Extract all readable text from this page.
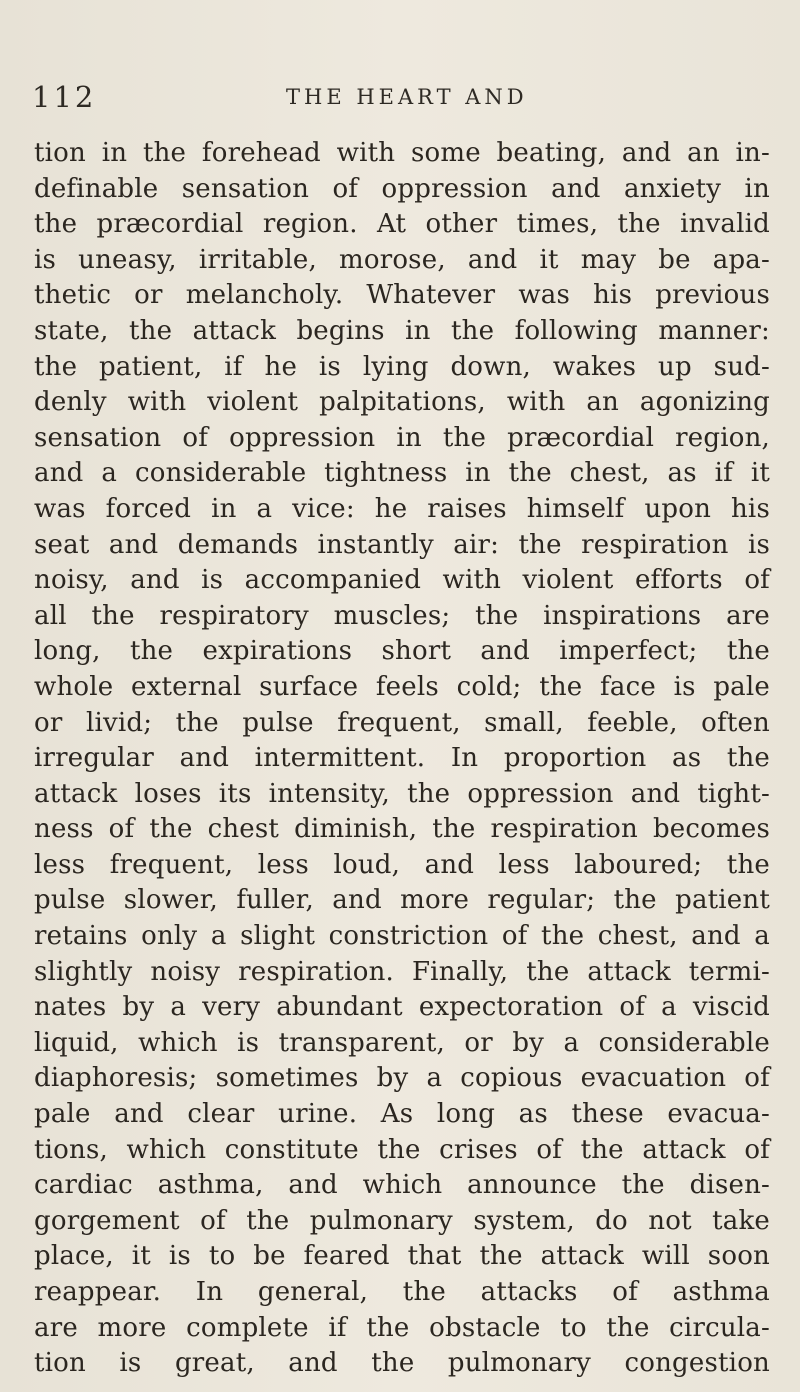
112	THE HEART AND
tion in the forehead with some beating, and an in-
definable sensation of oppression and anxiety in
the præcordial region. At other times, the invalid
is uneasy, irritable, morose, and it may be apa-
thetic or melancholy. Whatever was his previous
state, the attack begins in the following manner:
the patient, if he is lying down, wakes up sud-
denly with violent palpitations, with an agonizing
sensation of oppression in the præcordial region,
and a considerable tightness in the chest, as if it
was forced in a vice: he raises himself upon his
seat and demands instantly air: the respiration is
noisy, and is accompanied with violent efforts of
all the respiratory muscles; the inspirations are
long, the expirations short and imperfect; the
whole external surface feels cold; the face is pale
or livid; the pulse frequent, small, feeble, often
irregular and intermittent. In proportion as the
attack loses its intensity, the oppression and tight-
ness of the chest diminish, the respiration becomes
less frequent, less loud, and less laboured; the
pulse slower, fuller, and more regular; the patient
retains only a slight constriction of the chest, and a
slightly noisy respiration. Finally, the attack termi-
nates by a very abundant expectoration of a viscid
liquid, which is transparent, or by a considerable
diaphoresis; sometimes by a copious evacuation of
pale and clear urine. As long as these evacua-
tions, which constitute the crises of the attack of
cardiac asthma, and which announce the disen-
gorgement of the pulmonary system, do not take
place, it is to be feared that the attack will soon
reappear. In general, the attacks of asthma
are more complete if the obstacle to the circula-
tion is great, and the pulmonary congestion
